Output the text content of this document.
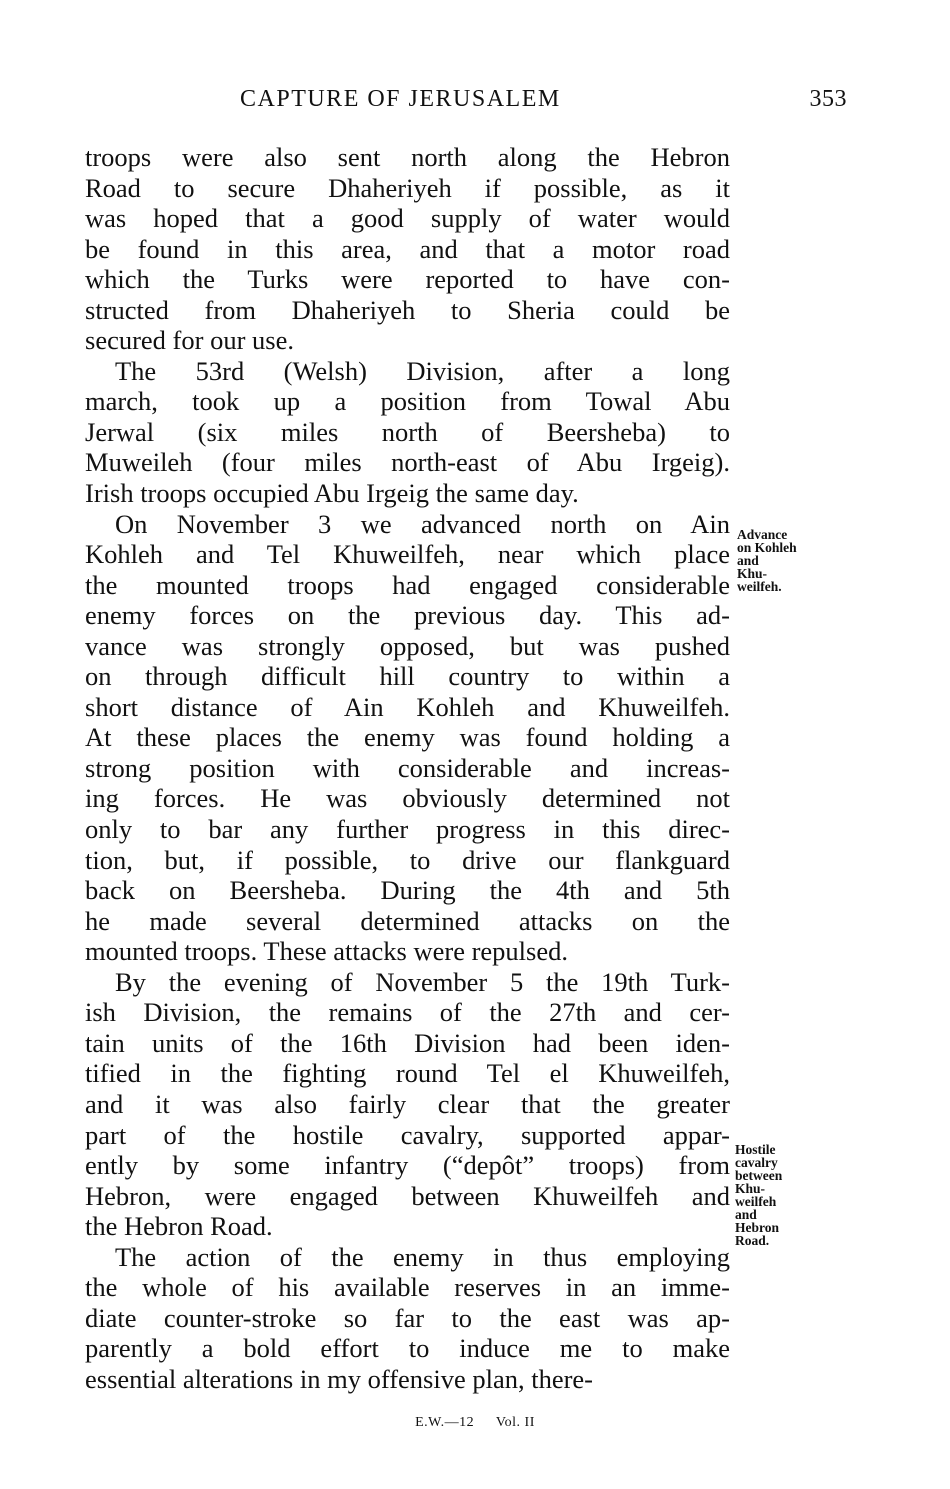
CAPTURE OF JERUSALEM	353

troops were also sent north along the Hebron
Road to secure Dhaheriyeh if possible, as it
was hoped that a good supply of water would
be found in this area, and that a motor road
which the Turks were reported to have con-
structed from Dhaheriyeh to Sheria could be
secured for our use.

The 53rd (Welsh) Division, after a long
march, took up a position from Towal Abu
Jerwal (six miles north of Beersheba) to
Muweileh (four miles north-east of Abu Irgeig).
Irish troops occupied Abu Irgeig the same day.

On November 3 we advanced north on Ain
Kohleh and Tel Khuweilfeh, near which place
the mounted troops had engaged considerable
enemy forces on the previous day. This ad-
vance was strongly opposed, but was pushed
on through difficult hill country to within a
short distance of Ain Kohleh and Khuweilfeh.
At these places the enemy was found holding a
strong position with considerable and increas-
ing forces. He was obviously determined not
only to bar any further progress in this direc-
tion, but, if possible, to drive our flankguard
back on Beersheba. During the 4th and 5th
he made several determined attacks on the
mounted troops. These attacks were repulsed.

By the evening of November 5 the 19th Turk-
ish Division, the remains of the 27th and cer-
tain units of the 16th Division had been iden-
tified in the fighting round Tel el Khuweilfeh,
and it was also fairly clear that the greater
part of the hostile cavalry, supported appar-
ently by some infantry (“depôt” troops) from
Hebron, were engaged between Khuweilfeh and
the Hebron Road.

The action of the enemy in thus employing
the whole of his available reserves in an imme-
diate counter-stroke so far to the east was ap-
parently a bold effort to induce me to make
essential alterations in my offensive plan, there-

Advance
on Kohleh
and
Khu-
weilfeh.
Hostile
cavalry
between
Khu-
weilfeh
and
Hebron
Road.
E.W.—12 Vol. II
